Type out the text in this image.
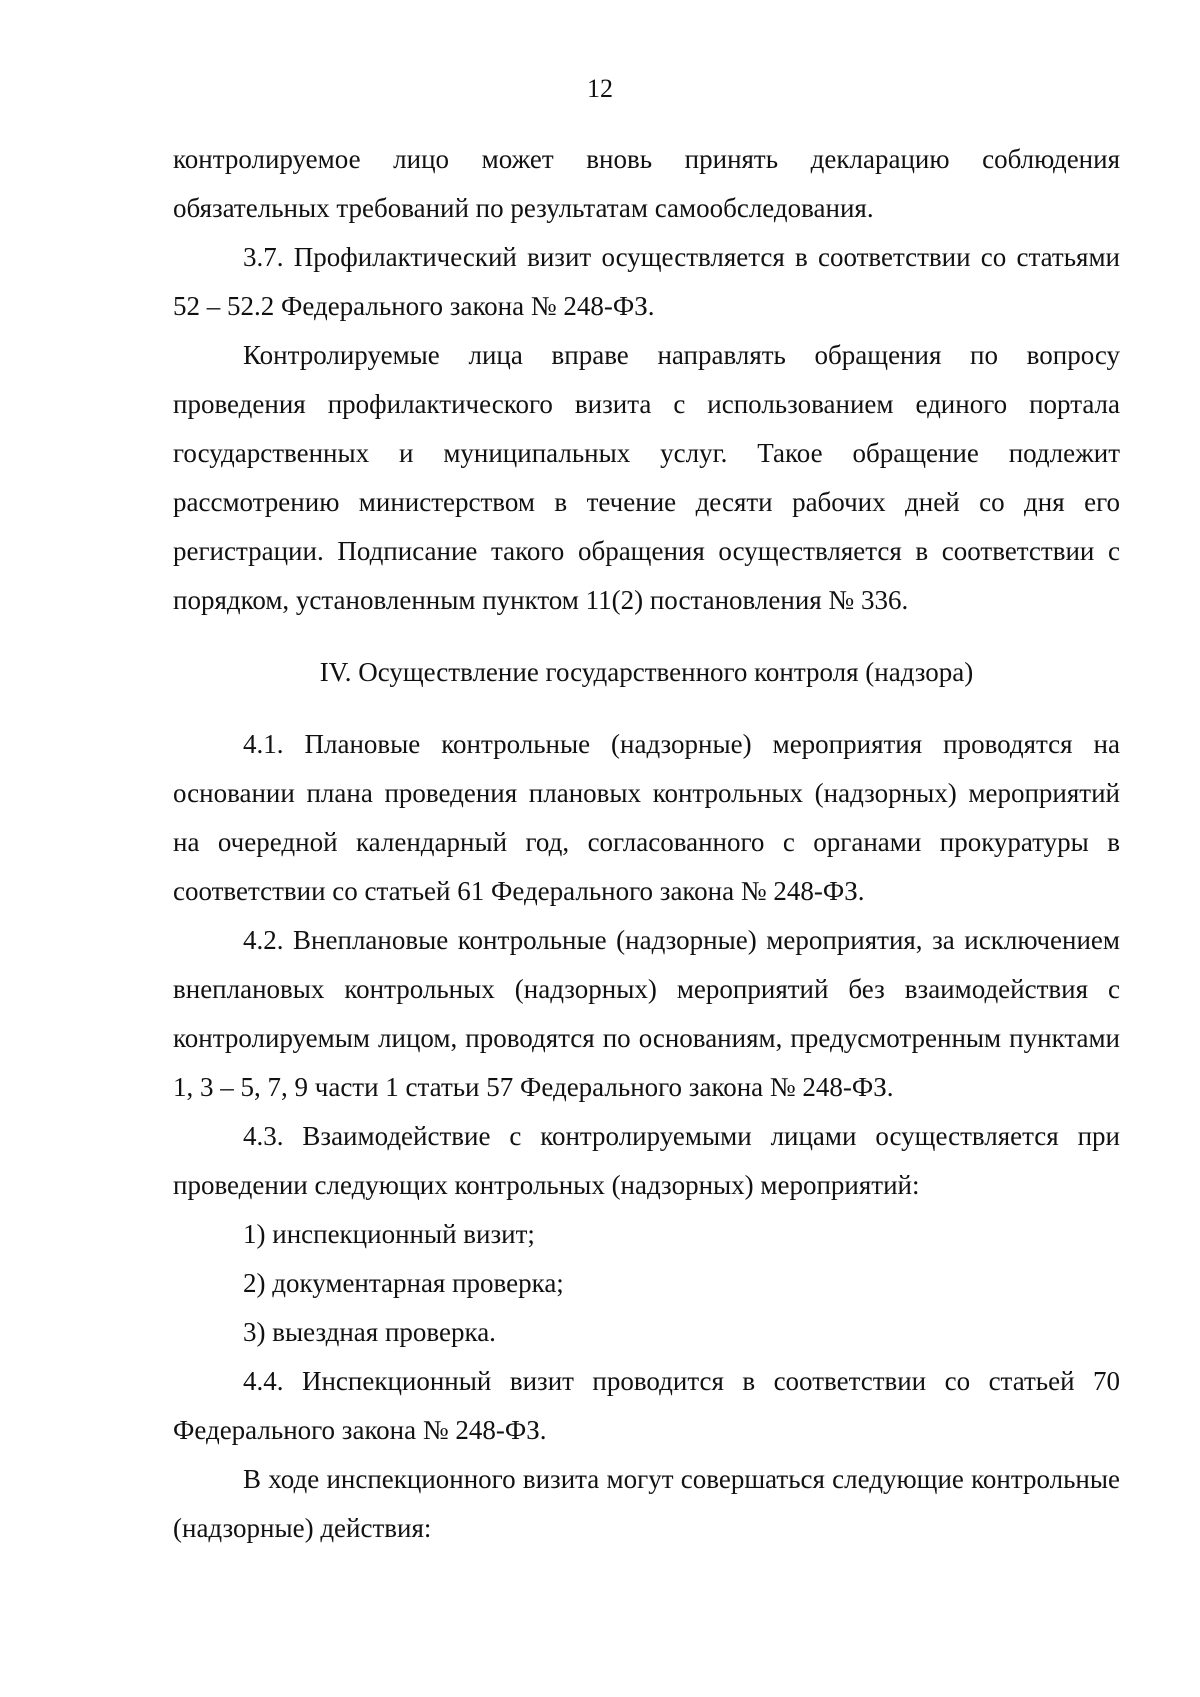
12

контролируемое лицо может вновь принять декларацию соблюдения обязательных требований по результатам самообследования.

3.7. Профилактический визит осуществляется в соответствии со статьями 52 – 52.2 Федерального закона № 248-ФЗ.

Контролируемые лица вправе направлять обращения по вопросу проведения профилактического визита с использованием единого портала государственных и муниципальных услуг. Такое обращение подлежит рассмотрению министерством в течение десяти рабочих дней со дня его регистрации. Подписание такого обращения осуществляется в соответствии с порядком, установленным пунктом 11(2) постановления № 336.

IV. Осуществление государственного контроля (надзора)

4.1. Плановые контрольные (надзорные) мероприятия проводятся на основании плана проведения плановых контрольных (надзорных) мероприятий на очередной календарный год, согласованного с органами прокуратуры в соответствии со статьей 61 Федерального закона № 248-ФЗ.

4.2. Внеплановые контрольные (надзорные) мероприятия, за исключением внеплановых контрольных (надзорных) мероприятий без взаимодействия с контролируемым лицом, проводятся по основаниям, предусмотренным пунктами 1, 3 – 5, 7, 9 части 1 статьи 57 Федерального закона № 248-ФЗ.

4.3. Взаимодействие с контролируемыми лицами осуществляется при проведении следующих контрольных (надзорных) мероприятий:

1) инспекционный визит;

2) документарная проверка;

3) выездная проверка.

4.4. Инспекционный визит проводится в соответствии со статьей 70 Федерального закона № 248-ФЗ.

В ходе инспекционного визита могут совершаться следующие контрольные (надзорные) действия:
